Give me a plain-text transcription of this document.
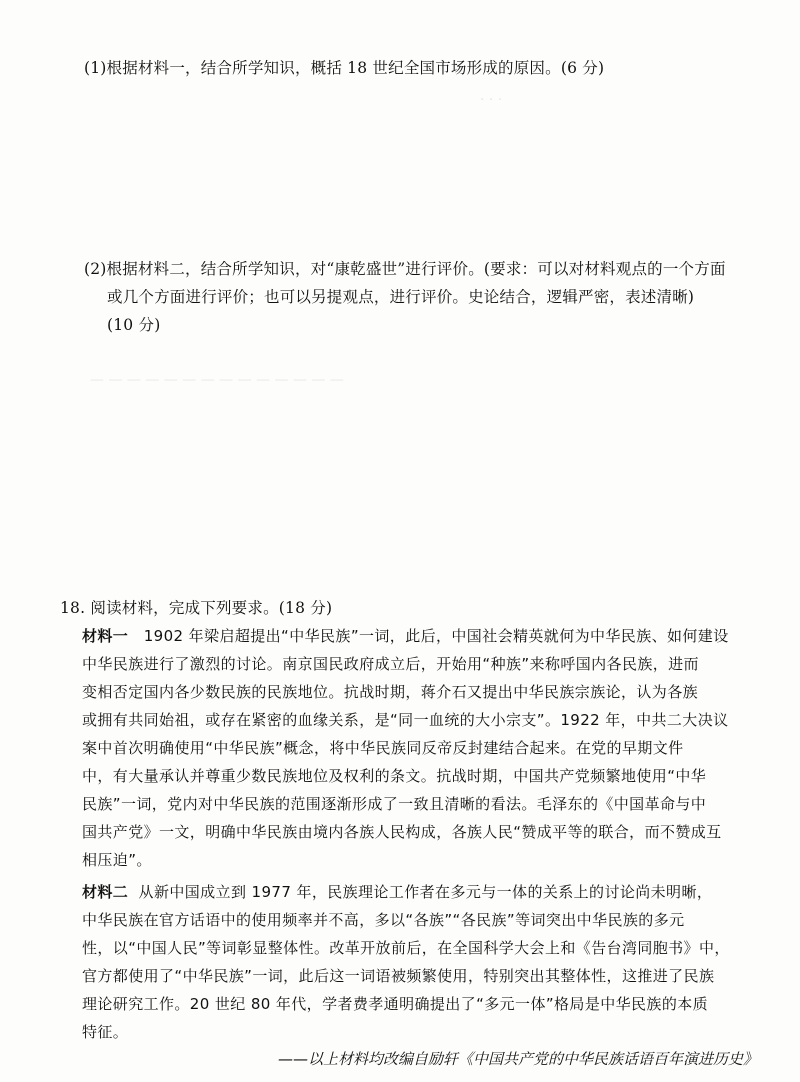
· · ·
— — — — — — — — — — — — — —
(1)根据材料一，结合所学知识，概括 18 世纪全国市场形成的原因。(6 分)
(2)根据材料二，结合所学知识，对“康乾盛世”进行评价。(要求：可以对材料观点的一个方面
或几个方面进行评价；也可以另提观点，进行评价。史论结合，逻辑严密，表述清晰)
(10 分)
18. 阅读材料，完成下列要求。(18 分)
材料一 1902 年梁启超提出“中华民族”一词，此后，中国社会精英就何为中华民族、如何建设
中华民族进行了激烈的讨论。南京国民政府成立后，开始用“种族”来称呼国内各民族，进而
变相否定国内各少数民族的民族地位。抗战时期，蒋介石又提出中华民族宗族论，认为各族
或拥有共同始祖，或存在紧密的血缘关系，是“同一血统的大小宗支”。1922 年，中共二大决议
案中首次明确使用“中华民族”概念，将中华民族同反帝反封建结合起来。在党的早期文件
中，有大量承认并尊重少数民族地位及权利的条文。抗战时期，中国共产党频繁地使用“中华
民族”一词，党内对中华民族的范围逐渐形成了一致且清晰的看法。毛泽东的《中国革命与中
国共产党》一文，明确中华民族由境内各族人民构成，各族人民“赞成平等的联合，而不赞成互
相压迫”。
材料二 从新中国成立到 1977 年，民族理论工作者在多元与一体的关系上的讨论尚未明晰，
中华民族在官方话语中的使用频率并不高，多以“各族”“各民族”等词突出中华民族的多元
性，以“中国人民”等词彰显整体性。改革开放前后，在全国科学大会上和《告台湾同胞书》中，
官方都使用了“中华民族”一词，此后这一词语被频繁使用，特别突出其整体性，这推进了民族
理论研究工作。20 世纪 80 年代，学者费孝通明确提出了“多元一体”格局是中华民族的本质
特征。
——以上材料均改编自励轩《中国共产党的中华民族话语百年演进历史》
